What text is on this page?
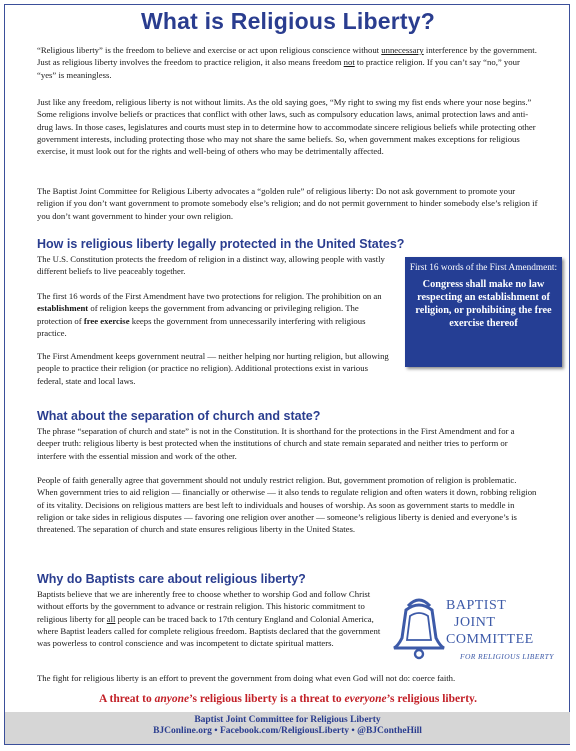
What is Religious Liberty?

“Religious liberty” is the freedom to believe and exercise or act upon religious conscience without unnecessary interference by the government. Just as religious liberty involves the freedom to practice religion, it also means freedom not to practice religion. If you can’t say “no,” your “yes” is meaningless.

Just like any freedom, religious liberty is not without limits. As the old saying goes, “My right to swing my fist ends where your nose begins.” Some religions involve beliefs or practices that conflict with other laws, such as compulsory education laws, animal protection laws and anti-drug laws. In those cases, legislatures and courts must step in to determine how to accommodate sincere religious beliefs while protecting other government interests, including protecting those who may not share the same beliefs. So, when government makes exceptions for religious exercise, it must look out for the rights and well-being of others who may be detrimentally affected.

The Baptist Joint Committee for Religious Liberty advocates a “golden rule” of religious liberty: Do not ask government to promote your religion if you don’t want government to promote somebody else’s religion; and do not permit government to hinder somebody else’s religion if you don’t want government to hinder your own religion.

How is religious liberty legally protected in the United States?

The U.S. Constitution protects the freedom of religion in a distinct way, allowing people with vastly different beliefs to live peaceably together.

The first 16 words of the First Amendment have two protections for religion. The prohibition on an establishment of religion keeps the government from advancing or privileging religion. The protection of free exercise keeps the government from unnecessarily interfering with religious practice.

The First Amendment keeps government neutral — neither helping nor hurting religion, but allowing people to practice their religion (or practice no religion). Additional protections exist in various federal, state and local laws.

First 16 words of the First Amendment:
Congress shall make no law respecting an establishment of religion, or prohibiting the free exercise thereof
What about the separation of church and state?

The phrase “separation of church and state” is not in the Constitution. It is shorthand for the protections in the First Amendment and for a deeper truth: religious liberty is best protected when the institutions of church and state remain separated and neither tries to perform or interfere with the essential mission and work of the other.

People of faith generally agree that government should not unduly restrict religion. But, government promotion of religion is problematic. When government tries to aid religion — financially or otherwise — it also tends to regulate religion and often waters it down, robbing religion of its vitality. Decisions on religious matters are best left to individuals and houses of worship. As soon as government starts to meddle in religion or take sides in religious disputes — favoring one religion over another — someone’s religious liberty is denied and everyone’s is threatened. The separation of church and state ensures religious liberty in the United States.

Why do Baptists care about religious liberty?

Baptists believe that we are inherently free to choose whether to worship God and follow Christ without efforts by the government to advance or restrain religion. This historic commitment to religious liberty for all people can be traced back to 17th century England and Colonial America, where Baptist leaders called for complete religious freedom. Baptists declared that the government was powerless to control conscience and was incompetent to dictate spiritual matters.

The fight for religious liberty is an effort to prevent the government from doing what even God will not do: coerce faith.

BAPTIST
JOINT
COMMITTEE
FOR RELIGIOUS LIBERTY
A threat to anyone’s religious liberty is a threat to everyone’s religious liberty.
Baptist Joint Committee for Religious Liberty
BJConline.org • Facebook.com/ReligiousLiberty • @BJContheHill
